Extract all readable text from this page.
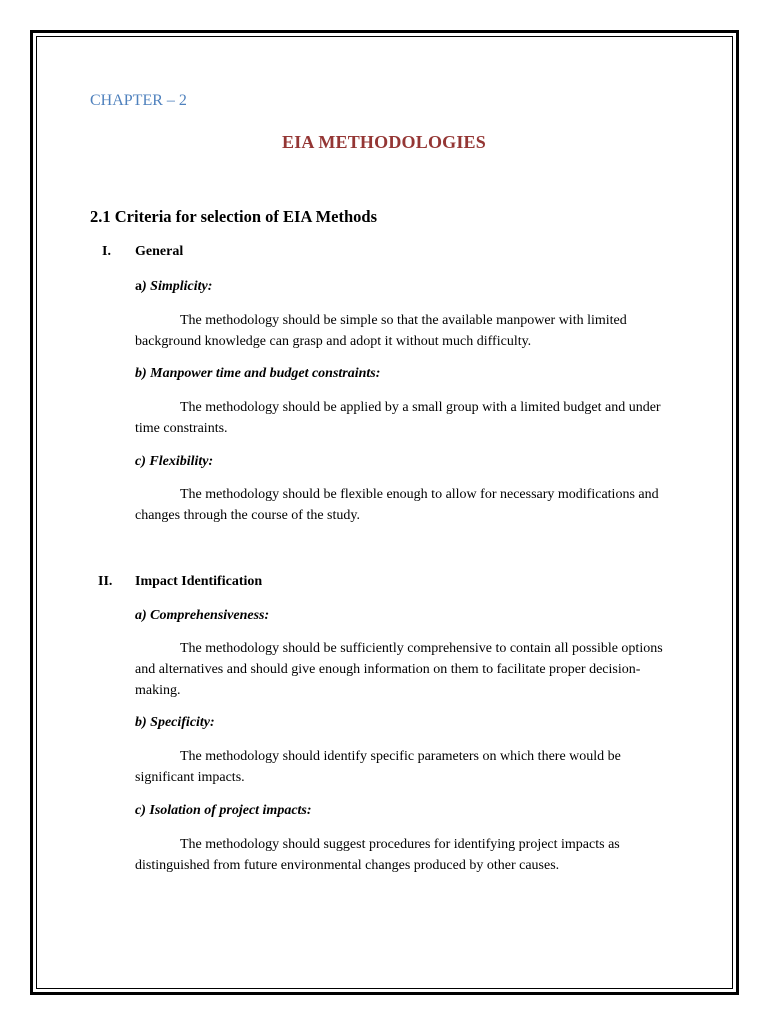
CHAPTER – 2

EIA METHODOLOGIES
2.1 Criteria for selection of EIA Methods
I. General

a) Simplicity:

The methodology should be simple so that the available manpower with limited background knowledge can grasp and adopt it without much difficulty.

b) Manpower time and budget constraints:

The methodology should be applied by a small group with a limited budget and under time constraints.

c) Flexibility:

The methodology should be flexible enough to allow for necessary modifications and changes through the course of the study.

II. Impact Identification

a) Comprehensiveness:

The methodology should be sufficiently comprehensive to contain all possible options and alternatives and should give enough information on them to facilitate proper decision-making.

b) Specificity:

The methodology should identify specific parameters on which there would be significant impacts.

c) Isolation of project impacts:

The methodology should suggest procedures for identifying project impacts as distinguished from future environmental changes produced by other causes.
